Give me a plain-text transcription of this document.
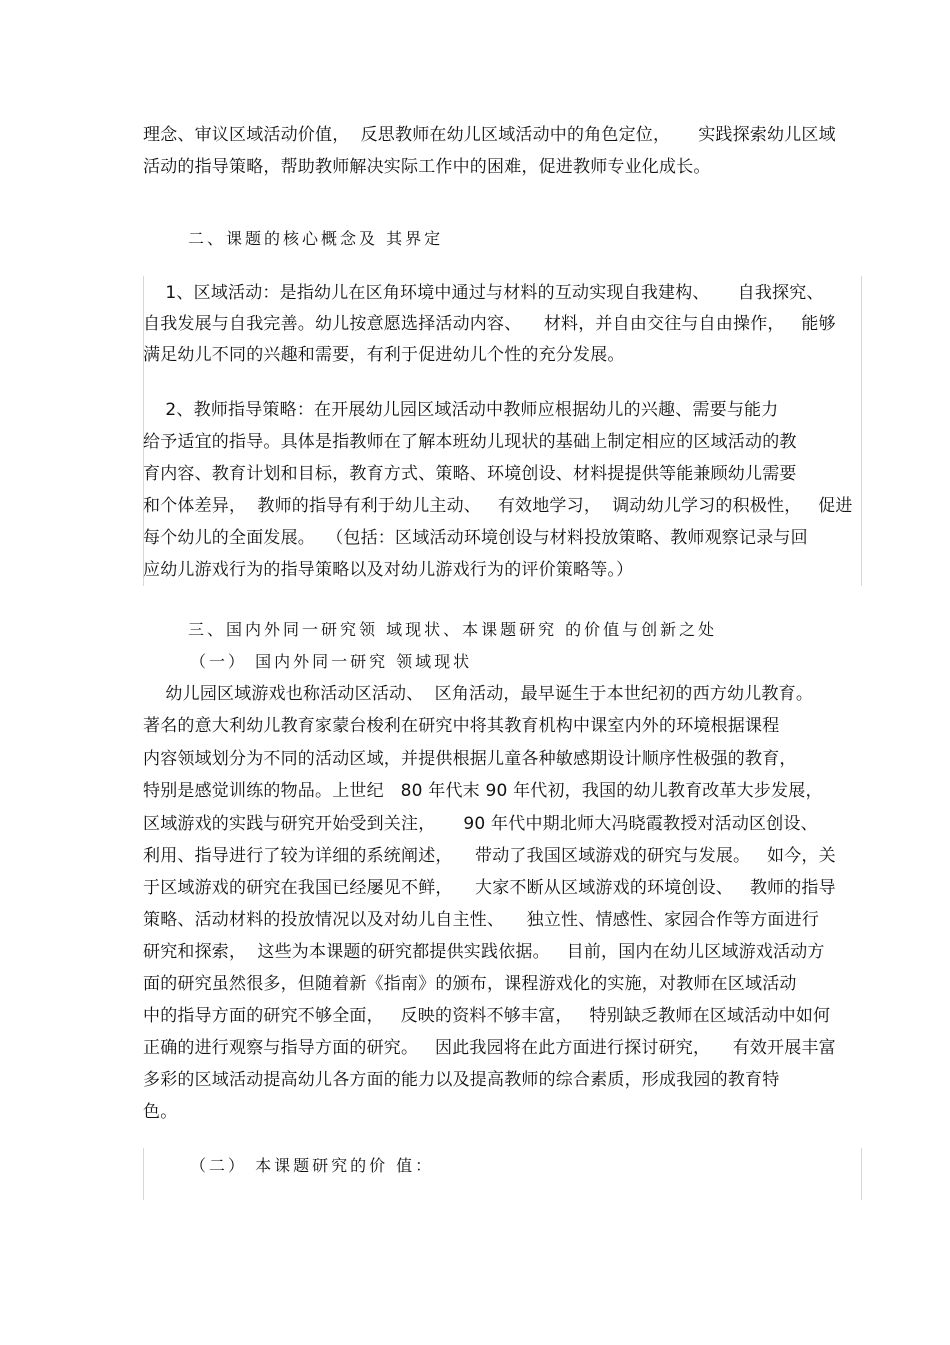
理念、审议区域活动价值，  反思教师在幼儿区域活动中的角色定位，     实践探索幼儿区域
活动的指导策略，帮助教师解决实际工作中的困难，促进教师专业化成长。
二、课题的核心概念及 其界定
1、区域活动：是指幼儿在区角环境中通过与材料的互动实现自我建构、     自我探究、
自我发展与自我完善。幼儿按意愿选择活动内容、    材料，并自由交往与自由操作，   能够
满足幼儿不同的兴趣和需要，有利于促进幼儿个性的充分发展。
2、教师指导策略：在开展幼儿园区域活动中教师应根据幼儿的兴趣、需要与能力
给予适宜的指导。具体是指教师在了解本班幼儿现状的基础上制定相应的区域活动的教
育内容、教育计划和目标，教育方式、策略、环境创设、材料提提供等能兼顾幼儿需要
和个体差异，  教师的指导有利于幼儿主动、   有效地学习，  调动幼儿学习的积极性，   促进
每个幼儿的全面发展。  （包括：区域活动环境创设与材料投放策略、教师观察记录与回
应幼儿游戏行为的指导策略以及对幼儿游戏行为的评价策略等。）
三、国内外同一研究领 域现状、本课题研究 的价值与创新之处
（一） 国内外同一研究 领域现状
幼儿园区域游戏也称活动区活动、  区角活动，最早诞生于本世纪初的西方幼儿教育。
著名的意大利幼儿教育家蒙台梭利在研究中将其教育机构中课室内外的环境根据课程
内容领域划分为不同的活动区域，并提供根据儿童各种敏感期设计顺序性极强的教育，
特别是感觉训练的物品。上世纪   80 年代末 90 年代初，我国的幼儿教育改革大步发展，
区域游戏的实践与研究开始受到关注，     90 年代中期北师大冯晓霞教授对活动区创设、
利用、指导进行了较为详细的系统阐述，    带动了我国区域游戏的研究与发展。   如今，关
于区域游戏的研究在我国已经屡见不鲜，    大家不断从区域游戏的环境创设、   教师的指导
策略、活动材料的投放情况以及对幼儿自主性、    独立性、情感性、家园合作等方面进行
研究和探索，  这些为本课题的研究都提供实践依据。   目前，国内在幼儿区域游戏活动方
面的研究虽然很多，但随着新《指南》的颁布，课程游戏化的实施，对教师在区域活动
中的指导方面的研究不够全面，   反映的资料不够丰富，   特别缺乏教师在区域活动中如何
正确的进行观察与指导方面的研究。   因此我园将在此方面进行探讨研究，    有效开展丰富
多彩的区域活动提高幼儿各方面的能力以及提高教师的综合素质，形成我园的教育特
色。
（二） 本课题研究的价 值：
